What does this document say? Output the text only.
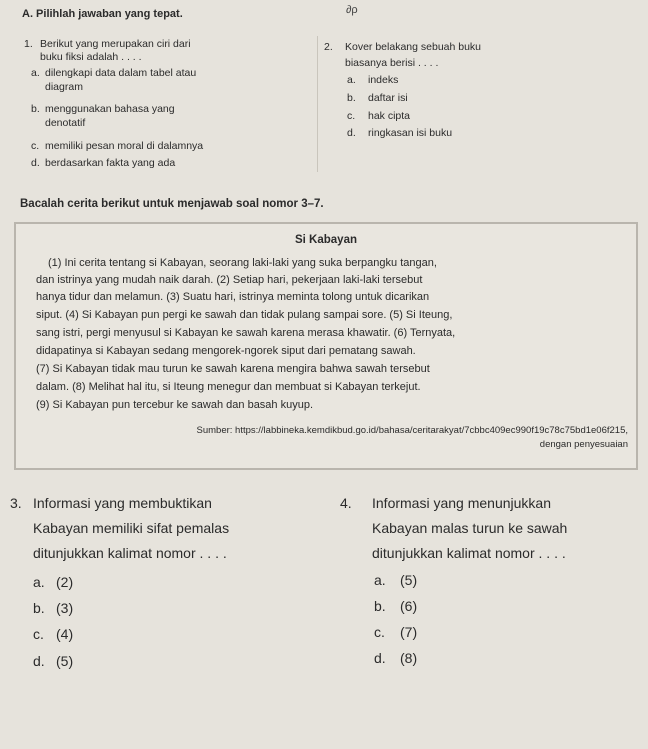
A. Pilihlah jawaban yang tepat.	∂ρ
1. Berikut yang merupakan ciri dari
buku fiksi adalah . . . .
a. dilengkapi data dalam tabel atau
diagram
b. menggunakan bahasa yang
denotatif
c. memiliki pesan moral di dalamnya
d. berdasarkan fakta yang ada
2. Kover belakang sebuah buku
biasanya berisi . . . .
a. indeks
b. daftar isi
c. hak cipta
d. ringkasan isi buku
Bacalah cerita berikut untuk menjawab soal nomor 3–7.
Si Kabayan
(1) Ini cerita tentang si Kabayan, seorang laki-laki yang suka berpangku tangan,
dan istrinya yang mudah naik darah. (2) Setiap hari, pekerjaan laki-laki tersebut
hanya tidur dan melamun. (3) Suatu hari, istrinya meminta tolong untuk dicarikan
siput. (4) Si Kabayan pun pergi ke sawah dan tidak pulang sampai sore. (5) Si Iteung,
sang istri, pergi menyusul si Kabayan ke sawah karena merasa khawatir. (6) Ternyata,
didapatinya si Kabayan sedang mengorek-ngorek siput dari pematang sawah.
(7) Si Kabayan tidak mau turun ke sawah karena mengira bahwa sawah tersebut
dalam. (8) Melihat hal itu, si Iteung menegur dan membuat si Kabayan terkejut.
(9) Si Kabayan pun tercebur ke sawah dan basah kuyup.
Sumber: https://labbineka.kemdikbud.go.id/bahasa/ceritarakyat/7cbbc409ec990f19c78c75bd1e06f215,
dengan penyesuaian
3. Informasi yang membuktikan
Kabayan memiliki sifat pemalas
ditunjukkan kalimat nomor . . . .
a. (2)
b. (3)
c. (4)
d. (5)
4. Informasi yang menunjukkan
Kabayan malas turun ke sawah
ditunjukkan kalimat nomor . . . .
a. (5)
b. (6)
c. (7)
d. (8)
